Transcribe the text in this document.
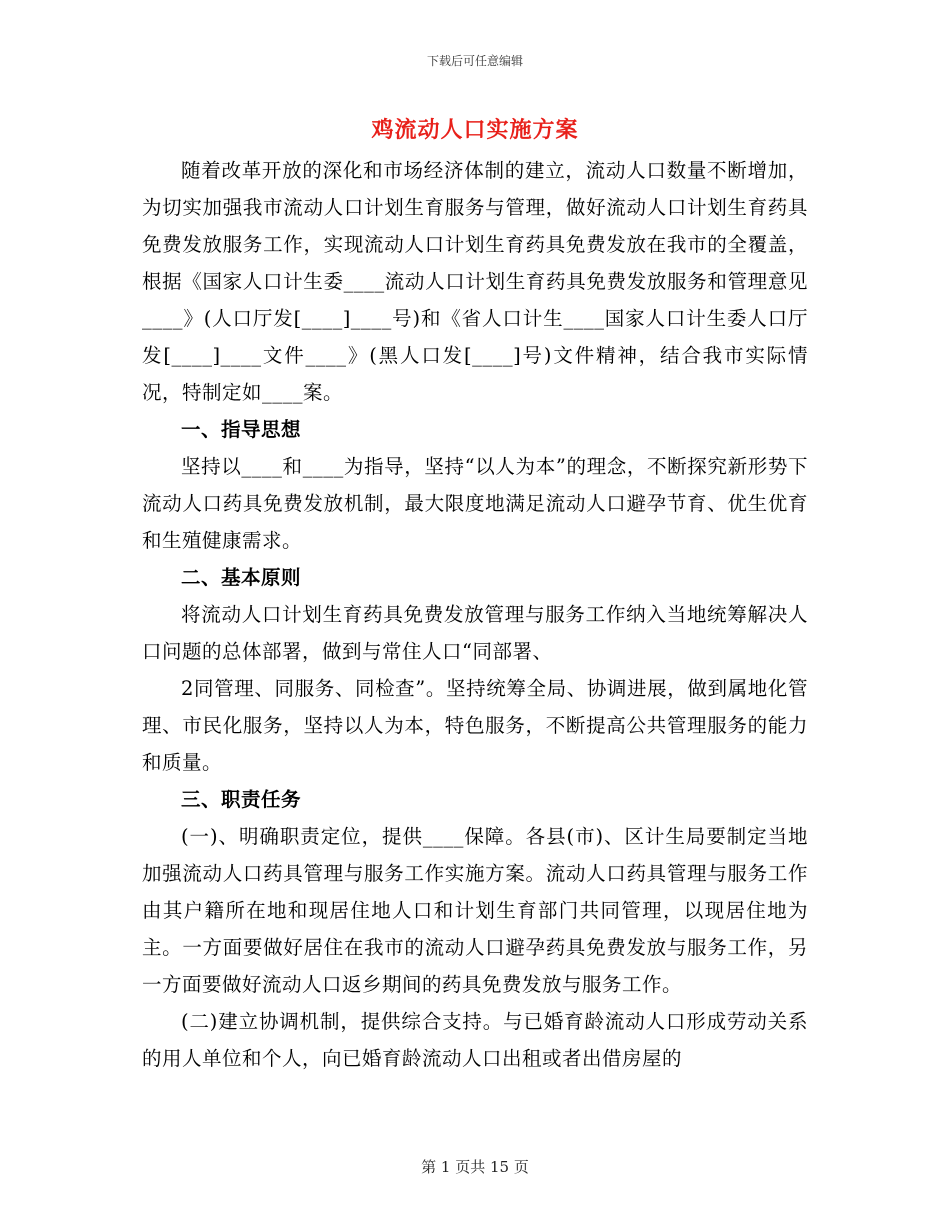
下载后可任意编辑
鸡流动人口实施方案

随着改革开放的深化和市场经济体制的建立，流动人口数量不断增加，为切实加强我市流动人口计划生育服务与管理，做好流动人口计划生育药具免费发放服务工作，实现流动人口计划生育药具免费发放在我市的全覆盖，根据《国家人口计生委____流动人口计划生育药具免费发放服务和管理意见____》(人口厅发[____]____号)和《省人口计生____国家人口计生委人口厅发[____]____文件____》(黑人口发[____]号)文件精神，结合我市实际情况，特制定如____案。

一、指导思想

坚持以____和____为指导，坚持“以人为本”的理念，不断探究新形势下流动人口药具免费发放机制，最大限度地满足流动人口避孕节育、优生优育和生殖健康需求。

二、基本原则

将流动人口计划生育药具免费发放管理与服务工作纳入当地统筹解决人口问题的总体部署，做到与常住人口“同部署、

2同管理、同服务、同检查”。坚持统筹全局、协调进展，做到属地化管理、市民化服务，坚持以人为本，特色服务，不断提高公共管理服务的能力和质量。

三、职责任务

(一)、明确职责定位，提供____保障。各县(市)、区计生局要制定当地加强流动人口药具管理与服务工作实施方案。流动人口药具管理与服务工作由其户籍所在地和现居住地人口和计划生育部门共同管理，以现居住地为主。一方面要做好居住在我市的流动人口避孕药具免费发放与服务工作，另一方面要做好流动人口返乡期间的药具免费发放与服务工作。

(二)建立协调机制，提供综合支持。与已婚育龄流动人口形成劳动关系的用人单位和个人，向已婚育龄流动人口出租或者出借房屋的

第 1 页共 15 页
